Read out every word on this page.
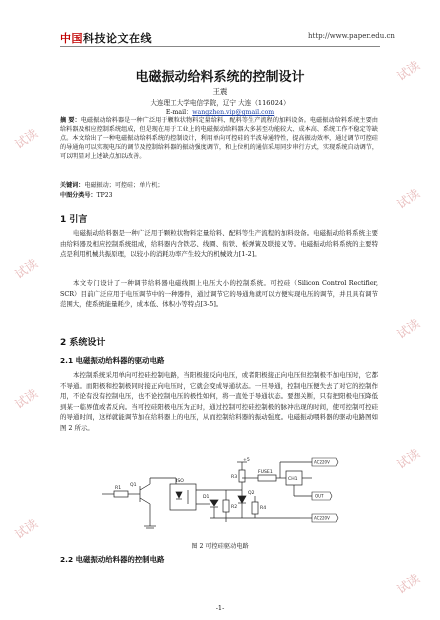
中国科技论文在线	http://www.paper.edu.cn
电磁振动给料系统的控制设计
王震
大连理工大学电信学院，辽宁 大连（116024）
E-mail：wangzhen.vip@gmail.com
摘 要：电磁振动给料器是一种广泛用于颗粒状物料定量给料、配料等生产流程的加料设备。电磁振动给料系统主要由给料器及相应控制系统组成，但是现在用于工业上的电磁振动给料器大多甚至功能较大、成本高、系统工作不稳定等缺点。本文给出了一种电磁振动给料系统的控制设计，利用单向可控硅的半波导通特性，提高振动效率，通过调节可控硅的导通角可以实现电压的调节及控制给料器的振动强度调节，和上位机的通信采用同步串行方式，实现系统自动调节，可以明显对上述缺点加以改善。
关键词：电磁振动；可控硅；单片机；
中图分类号：TP23
1 引言
电磁振动给料器是一种广泛用于颗粒状物料定量给料、配料等生产流程的加料设备。电磁振动给料系统主要由给料器及相应控制系统组成，给料器内含铁芯、线圈、衔铁、板弹簧及联接叉等。电磁振动给料系统的主要特点是利用机械共振原理，以较小的消耗功率产生较大的机械效力[1-2]。
本文专门设计了一种调节给料器电磁线圈上电压大小的控制系统。可控硅（Silicon Control Rectifier, SCR）目前广泛应用于电压调节中的一种器件，通过调节它的导通角就可以方便实现电压的调节，并且具有调节范围大，使系统能量耗少，成本低、体积小等特点[3-5]。
2 系统设计
2.1 电磁振动给料器的驱动电路
本控制系统采用单向可控硅控制电路，当阳极接反向电压，或者阳极接正向电压但控制极不加电压时，它都不导通。而阳极和控制极同时接正向电压时，它就会变成导通状态。一旦导通，控制电压便失去了对它的控制作用，不论有没有控制电压，也不论控制电压的极性如何，将一直处于导通状态。要想关断，只有把阳极电压降低到某一临界值或者反向。当可控硅阳极电压为正时，通过控制可控硅控制极的脉冲出现的时间，使可控制可控硅的导通时间，这样就能调节加在给料器上的电压，从而控制给料器的振动强度。电磁振动喂料器的驱动电路图如图 2 所示。
+5
R3
R1
R2	R4
Q1
Q2
ISO
D1
FUSE1
CH1
AC220V
AC220V
OUT
图 2 可控硅驱动电路
2.2 电磁振动给料器的控制电路
-1-
试读
试读
试读
试读
试读
试读
试读
试读
试读
